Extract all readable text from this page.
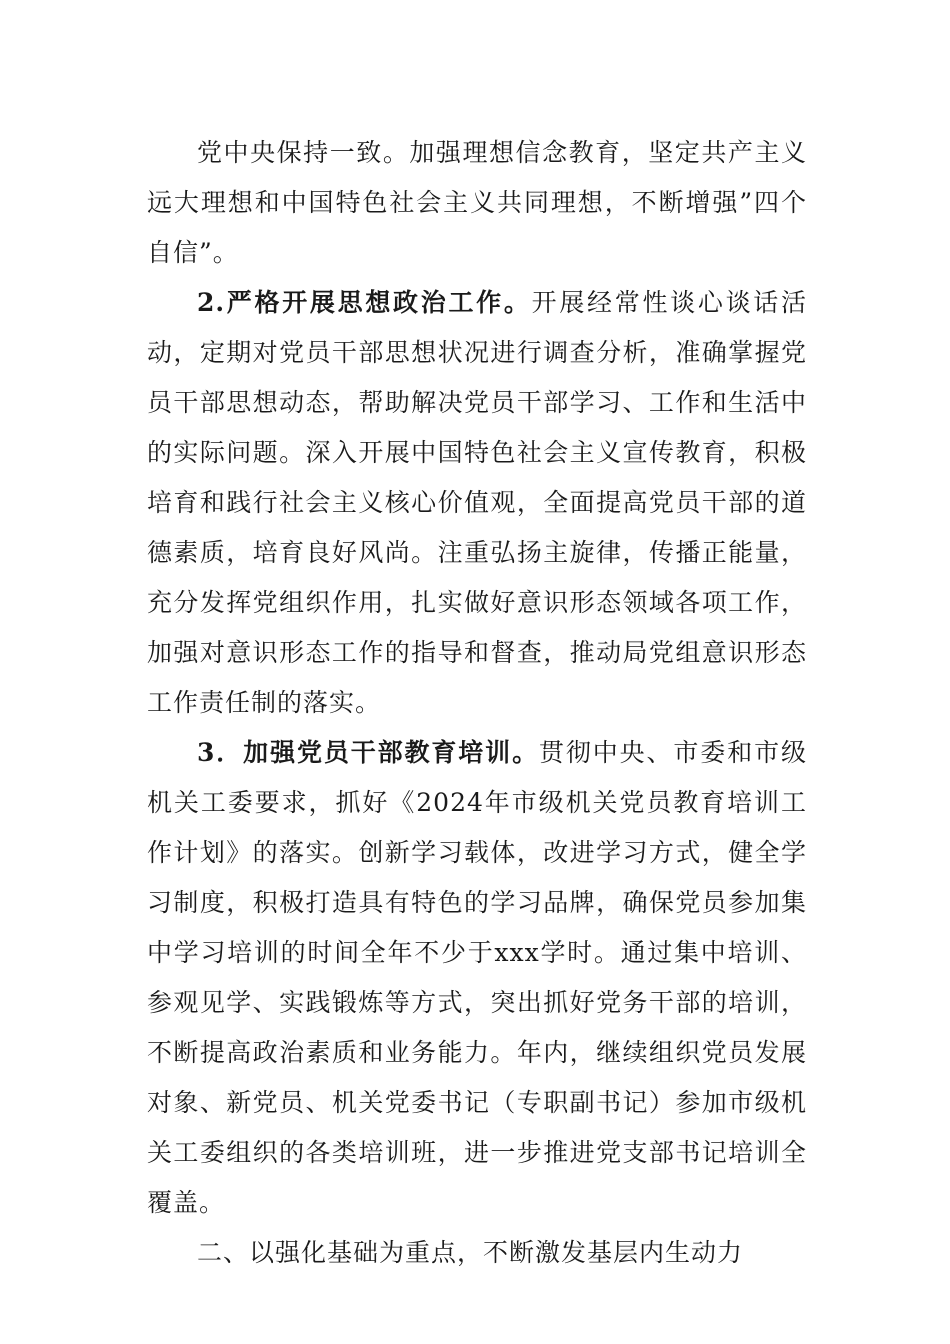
党中央保持一致。加强理想信念教育，坚定共产主义远大理想和中国特色社会主义共同理想，不断增强”四个自信”。

2.严格开展思想政治工作。开展经常性谈心谈话活动，定期对党员干部思想状况进行调查分析，准确掌握党员干部思想动态，帮助解决党员干部学习、工作和生活中的实际问题。深入开展中国特色社会主义宣传教育，积极培育和践行社会主义核心价值观，全面提高党员干部的道德素质，培育良好风尚。注重弘扬主旋律，传播正能量，充分发挥党组织作用，扎实做好意识形态领域各项工作，加强对意识形态工作的指导和督查，推动局党组意识形态工作责任制的落实。

3．加强党员干部教育培训。贯彻中央、市委和市级机关工委要求，抓好《2024年市级机关党员教育培训工作计划》的落实。创新学习载体，改进学习方式，健全学习制度，积极打造具有特色的学习品牌，确保党员参加集中学习培训的时间全年不少于xxx学时。通过集中培训、参观见学、实践锻炼等方式，突出抓好党务干部的培训，不断提高政治素质和业务能力。年内，继续组织党员发展对象、新党员、机关党委书记（专职副书记）参加市级机关工委组织的各类培训班，进一步推进党支部书记培训全覆盖。

二、以强化基础为重点，不断激发基层内生动力
